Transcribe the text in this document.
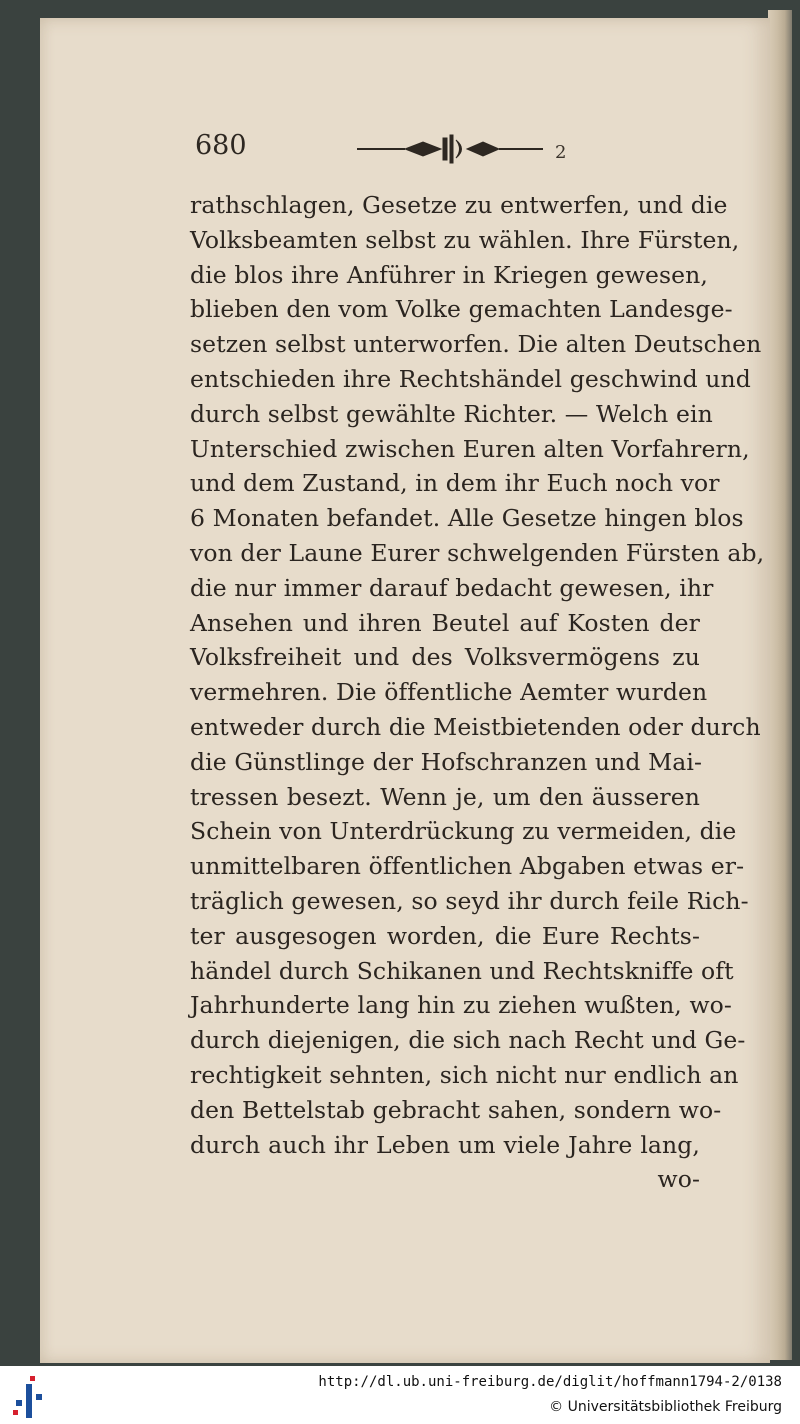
680	2
rathschlagen, Gesetze zu entwerfen, und die
Volksbeamten selbst zu wählen. Ihre Fürsten,
die blos ihre Anführer in Kriegen gewesen,
blieben den vom Volke gemachten Landesge-
setzen selbst unterworfen. Die alten Deutschen
entschieden ihre Rechtshändel geschwind und
durch selbst gewählte Richter. — Welch ein
Unterschied zwischen Euren alten Vorfahrern,
und dem Zustand, in dem ihr Euch noch vor
6 Monaten befandet. Alle Gesetze hingen blos
von der Laune Eurer schwelgenden Fürsten ab,
die nur immer darauf bedacht gewesen, ihr
Ansehen und ihren Beutel auf Kosten der
Volksfreiheit und des Volksvermögens zu
vermehren. Die öffentliche Aemter wurden
entweder durch die Meistbietenden oder durch
die Günstlinge der Hofschranzen und Mai-
tressen besezt. Wenn je, um den äusseren
Schein von Unterdrückung zu vermeiden, die
unmittelbaren öffentlichen Abgaben etwas er-
träglich gewesen, so seyd ihr durch feile Rich-
ter ausgesogen worden, die Eure Rechts-
händel durch Schikanen und Rechtskniffe oft
Jahrhunderte lang hin zu ziehen wußten, wo-
durch diejenigen, die sich nach Recht und Ge-
rechtigkeit sehnten, sich nicht nur endlich an
den Bettelstab gebracht sahen, sondern wo-
durch auch ihr Leben um viele Jahre lang,
wo-
http://dl.ub.uni-freiburg.de/diglit/hoffmann1794-2/0138
© Universitätsbibliothek Freiburg
